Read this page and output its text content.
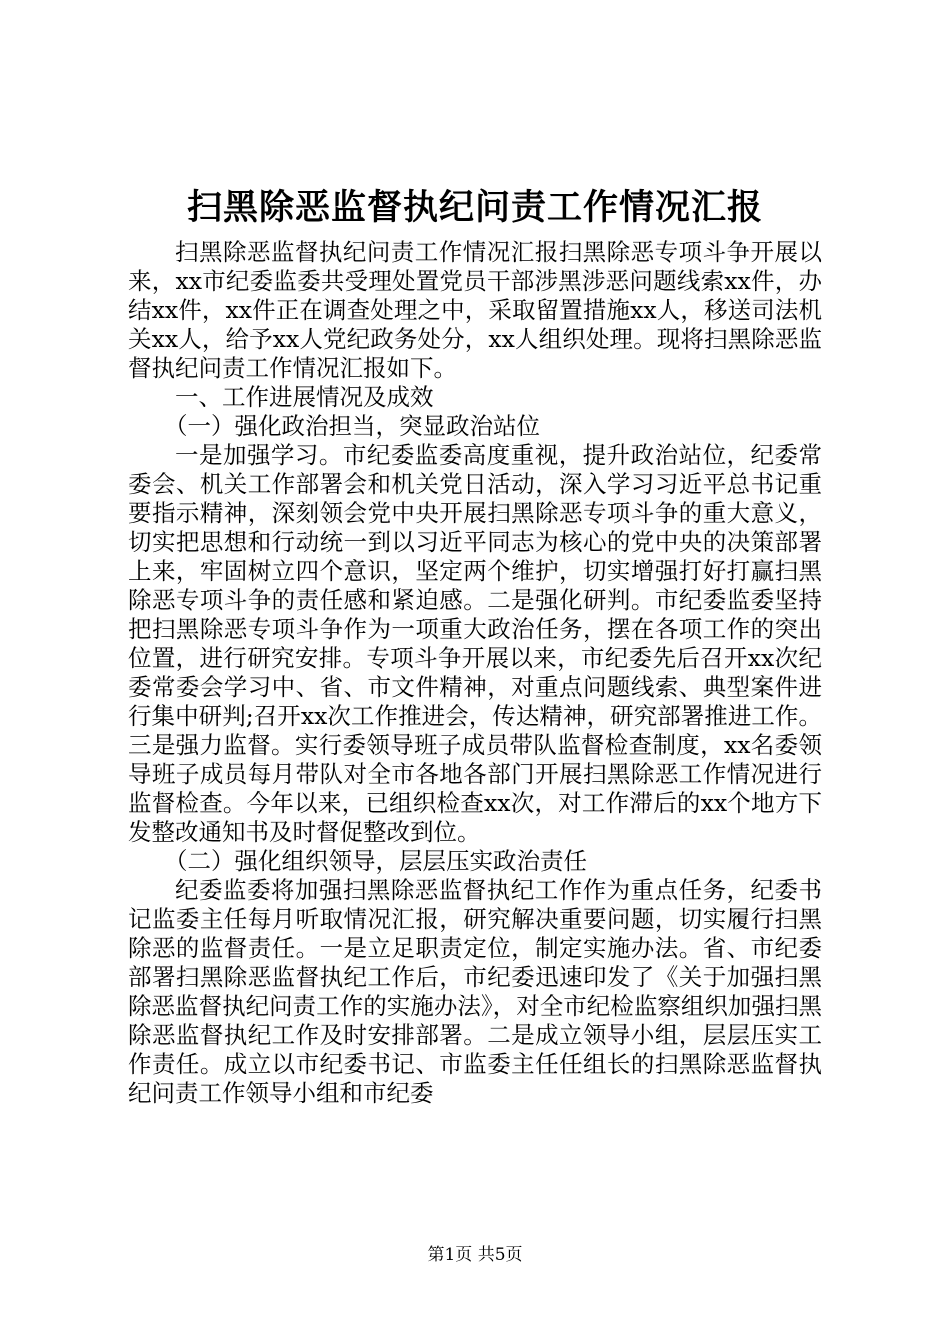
扫黑除恶监督执纪问责工作情况汇报

扫黑除恶监督执纪问责工作情况汇报扫黑除恶专项斗争开展以来，xx市纪委监委共受理处置党员干部涉黑涉恶问题线索xx件，办结xx件，xx件正在调查处理之中，采取留置措施xx人，移送司法机关xx人，给予xx人党纪政务处分，xx人组织处理。现将扫黑除恶监督执纪问责工作情况汇报如下。

一、工作进展情况及成效

（一）强化政治担当，突显政治站位

一是加强学习。市纪委监委高度重视，提升政治站位，纪委常委会、机关工作部署会和机关党日活动，深入学习习近平总书记重要指示精神，深刻领会党中央开展扫黑除恶专项斗争的重大意义，切实把思想和行动统一到以习近平同志为核心的党中央的决策部署上来，牢固树立四个意识，坚定两个维护，切实增强打好打赢扫黑除恶专项斗争的责任感和紧迫感。二是强化研判。市纪委监委坚持把扫黑除恶专项斗争作为一项重大政治任务，摆在各项工作的突出位置，进行研究安排。专项斗争开展以来，市纪委先后召开xx次纪委常委会学习中、省、市文件精神，对重点问题线索、典型案件进行集中研判;召开xx次工作推进会，传达精神，研究部署推进工作。三是强力监督。实行委领导班子成员带队监督检查制度，xx名委领导班子成员每月带队对全市各地各部门开展扫黑除恶工作情况进行监督检查。今年以来，已组织检查xx次，对工作滞后的xx个地方下发整改通知书及时督促整改到位。

（二）强化组织领导，层层压实政治责任

纪委监委将加强扫黑除恶监督执纪工作作为重点任务，纪委书记监委主任每月听取情况汇报，研究解决重要问题，切实履行扫黑除恶的监督责任。一是立足职责定位，制定实施办法。省、市纪委部署扫黑除恶监督执纪工作后，市纪委迅速印发了《关于加强扫黑除恶监督执纪问责工作的实施办法》，对全市纪检监察组织加强扫黑除恶监督执纪工作及时安排部署。二是成立领导小组，层层压实工作责任。成立以市纪委书记、市监委主任任组长的扫黑除恶监督执纪问责工作领导小组和市纪委

第1页 共5页
